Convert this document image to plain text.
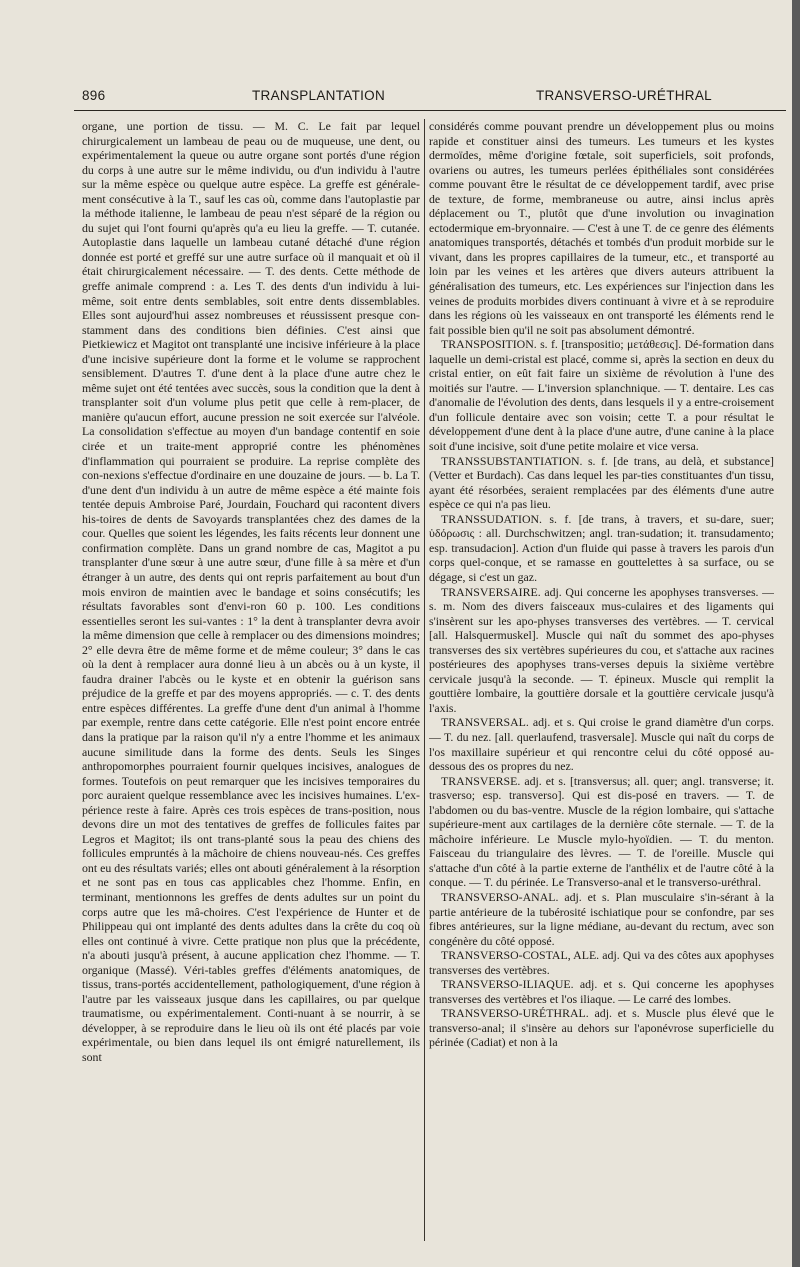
896	TRANSPLANTATION	TRANSVERSO-URÉTHRAL

organe, une portion de tissu. — M. C. Le fait par lequel chirurgicalement un lambeau de peau ou de muqueuse, une dent, ou expérimentalement la queue ou autre organe sont portés d'une région du corps à une autre sur le même individu, ou d'un individu à l'autre sur la même espèce ou quelque autre espèce. La greffe est générale-ment consécutive à la T., sauf les cas où, comme dans l'autoplastie par la méthode italienne, le lambeau de peau n'est séparé de la région ou du sujet qui l'ont fourni qu'après qu'a eu lieu la greffe. — T. cutanée. Autoplastie dans laquelle un lambeau cutané détaché d'une région donnée est porté et greffé sur une autre surface où il manquait et où il était chirurgicalement nécessaire. — T. des dents. Cette méthode de greffe animale comprend : a. Les T. des dents d'un individu à lui-même, soit entre dents semblables, soit entre dents dissemblables. Elles sont aujourd'hui assez nombreuses et réussissent presque con-stamment dans des conditions bien définies. C'est ainsi que Pietkiewicz et Magitot ont transplanté une incisive inférieure à la place d'une incisive supérieure dont la forme et le volume se rapprochent sensiblement. D'autres T. d'une dent à la place d'une autre chez le même sujet ont été tentées avec succès, sous la condition que la dent à transplanter soit d'un volume plus petit que celle à rem-placer, de manière qu'aucun effort, aucune pression ne soit exercée sur l'alvéole. La consolidation s'effectue au moyen d'un bandage contentif en soie cirée et un traite-ment approprié contre les phénomènes d'inflammation qui pourraient se produire. La reprise complète des con-nexions s'effectue d'ordinaire en une douzaine de jours. — b. La T. d'une dent d'un individu à un autre de même espèce a été mainte fois tentée depuis Ambroise Paré, Jourdain, Fouchard qui racontent divers his-toires de dents de Savoyards transplantées chez des dames de la cour. Quelles que soient les légendes, les faits récents leur donnent une confirmation complète. Dans un grand nombre de cas, Magitot a pu transplanter d'une sœur à une autre sœur, d'une fille à sa mère et d'un étranger à un autre, des dents qui ont repris parfaitement au bout d'un mois environ de maintien avec le bandage et soins consécutifs; les résultats favorables sont d'envi-ron 60 p. 100. Les conditions essentielles seront les sui-vantes : 1° la dent à transplanter devra avoir la même dimension que celle à remplacer ou des dimensions moindres; 2° elle devra être de même forme et de même couleur; 3° dans le cas où la dent à remplacer aura donné lieu à un abcès ou à un kyste, il faudra drainer l'abcès ou le kyste et en obtenir la guérison sans préjudice de la greffe et par des moyens appropriés. — c. T. des dents entre espèces différentes. La greffe d'une dent d'un animal à l'homme par exemple, rentre dans cette catégorie. Elle n'est point encore entrée dans la pratique par la raison qu'il n'y a entre l'homme et les animaux aucune similitude dans la forme des dents. Seuls les Singes anthropomorphes pourraient fournir quelques incisives, analogues de formes. Toutefois on peut remarquer que les incisives temporaires du porc auraient quelque ressemblance avec les incisives humaines. L'ex-périence reste à faire. Après ces trois espèces de trans-position, nous devons dire un mot des tentatives de greffes de follicules faites par Legros et Magitot; ils ont trans-planté sous la peau des chiens des follicules empruntés à la mâchoire de chiens nouveau-nés. Ces greffes ont eu des résultats variés; elles ont abouti généralement à la résorption et ne sont pas en tous cas applicables chez l'homme. Enfin, en terminant, mentionnons les greffes de dents adultes sur un point du corps autre que les mâ-choires. C'est l'expérience de Hunter et de Philippeau qui ont implanté des dents adultes dans la crête du coq où elles ont continué à vivre. Cette pratique non plus que la précédente, n'a abouti jusqu'à présent, à aucune application chez l'homme. — T. organique (Massé). Véri-tables greffes d'éléments anatomiques, de tissus, trans-portés accidentellement, pathologiquement, d'une région à l'autre par les vaisseaux jusque dans les capillaires, ou par quelque traumatisme, ou expérimentalement. Conti-nuant à se nourrir, à se développer, à se reproduire dans le lieu où ils ont été placés par voie expérimentale, ou bien dans lequel ils ont émigré naturellement, ils sont

considérés comme pouvant prendre un développement plus ou moins rapide et constituer ainsi des tumeurs. Les tumeurs et les kystes dermoïdes, même d'origine fœtale, soit superficiels, soit profonds, ovariens ou autres, les tumeurs perlées épithéliales sont considérées comme pouvant être le résultat de ce développement tardif, avec prise de texture, de forme, membraneuse ou autre, ainsi inclus après déplacement ou T., plutôt que d'une involution ou invagination ectodermique em-bryonnaire. — C'est à une T. de ce genre des éléments anatomiques transportés, détachés et tombés d'un produit morbide sur le vivant, dans les propres capillaires de la tumeur, etc., et transporté au loin par les veines et les artères que divers auteurs attribuent la généralisation des tumeurs, etc. Les expériences sur l'injection dans les veines de produits morbides divers continuant à vivre et à se reproduire dans les régions où les vaisseaux en ont transporté les éléments rend le fait possible bien qu'il ne soit pas absolument démontré.

TRANSPOSITION. s. f. [transpositio; μετάθεσις]. Dé-formation dans laquelle un demi-cristal est placé, comme si, après la section en deux du cristal entier, on eût fait faire un sixième de révolution à l'une des moitiés sur l'autre. — L'inversion splanchnique. — T. dentaire. Les cas d'anomalie de l'évolution des dents, dans lesquels il y a entre-croisement d'un follicule dentaire avec son voisin; cette T. a pour résultat le développement d'une dent à la place d'une autre, d'une canine à la place soit d'une incisive, soit d'une petite molaire et vice versa.

TRANSSUBSTANTIATION. s. f. [de trans, au delà, et substance] (Vetter et Burdach). Cas dans lequel les par-ties constituantes d'un tissu, ayant été résorbées, seraient remplacées par des éléments d'une autre espèce ce qui n'a pas lieu.

TRANSSUDATION. s. f. [de trans, à travers, et su-dare, suer; ὑδόρωσις : all. Durchschwitzen; angl. tran-sudation; it. transudamento; esp. transudacion]. Action d'un fluide qui passe à travers les parois d'un corps quel-conque, et se ramasse en gouttelettes à sa surface, ou se dégage, si c'est un gaz.

TRANSVERSAIRE. adj. Qui concerne les apophyses transverses. — s. m. Nom des divers faisceaux mus-culaires et des ligaments qui s'insèrent sur les apo-physes transverses des vertèbres. — T. cervical [all. Halsquermuskel]. Muscle qui naît du sommet des apo-physes transverses des six vertèbres supérieures du cou, et s'attache aux racines postérieures des apophyses trans-verses depuis la sixième vertèbre cervicale jusqu'à la seconde. — T. épineux. Muscle qui remplit la gouttière lombaire, la gouttière dorsale et la gouttière cervicale jusqu'à l'axis.

TRANSVERSAL. adj. et s. Qui croise le grand diamètre d'un corps. — T. du nez. [all. querlaufend, trasversale]. Muscle qui naît du corps de l'os maxillaire supérieur et qui rencontre celui du côté opposé au-dessous des os propres du nez.

TRANSVERSE. adj. et s. [transversus; all. quer; angl. transverse; it. trasverso; esp. transverso]. Qui est dis-posé en travers. — T. de l'abdomen ou du bas-ventre. Muscle de la région lombaire, qui s'attache supérieure-ment aux cartilages de la dernière côte sternale. — T. de la mâchoire inférieure. Le Muscle mylo-hyoïdien. — T. du menton. Faisceau du triangulaire des lèvres. — T. de l'oreille. Muscle qui s'attache d'un côté à la partie externe de l'anthélix et de l'autre côté à la conque. — T. du périnée. Le Transverso-anal et le transverso-uréthral.

TRANSVERSO-ANAL. adj. et s. Plan musculaire s'in-sérant à la partie antérieure de la tubérosité ischiatique pour se confondre, par ses fibres antérieures, sur la ligne médiane, au-devant du rectum, avec son congénère du côté opposé.

TRANSVERSO-COSTAL, ALE. adj. Qui va des côtes aux apophyses transverses des vertèbres.

TRANSVERSO-ILIAQUE. adj. et s. Qui concerne les apophyses transverses des vertèbres et l'os iliaque. — Le carré des lombes.

TRANSVERSO-URÉTHRAL. adj. et s. Muscle plus élevé que le transverso-anal; il s'insère au dehors sur l'aponévrose superficielle du périnée (Cadiat) et non à la
